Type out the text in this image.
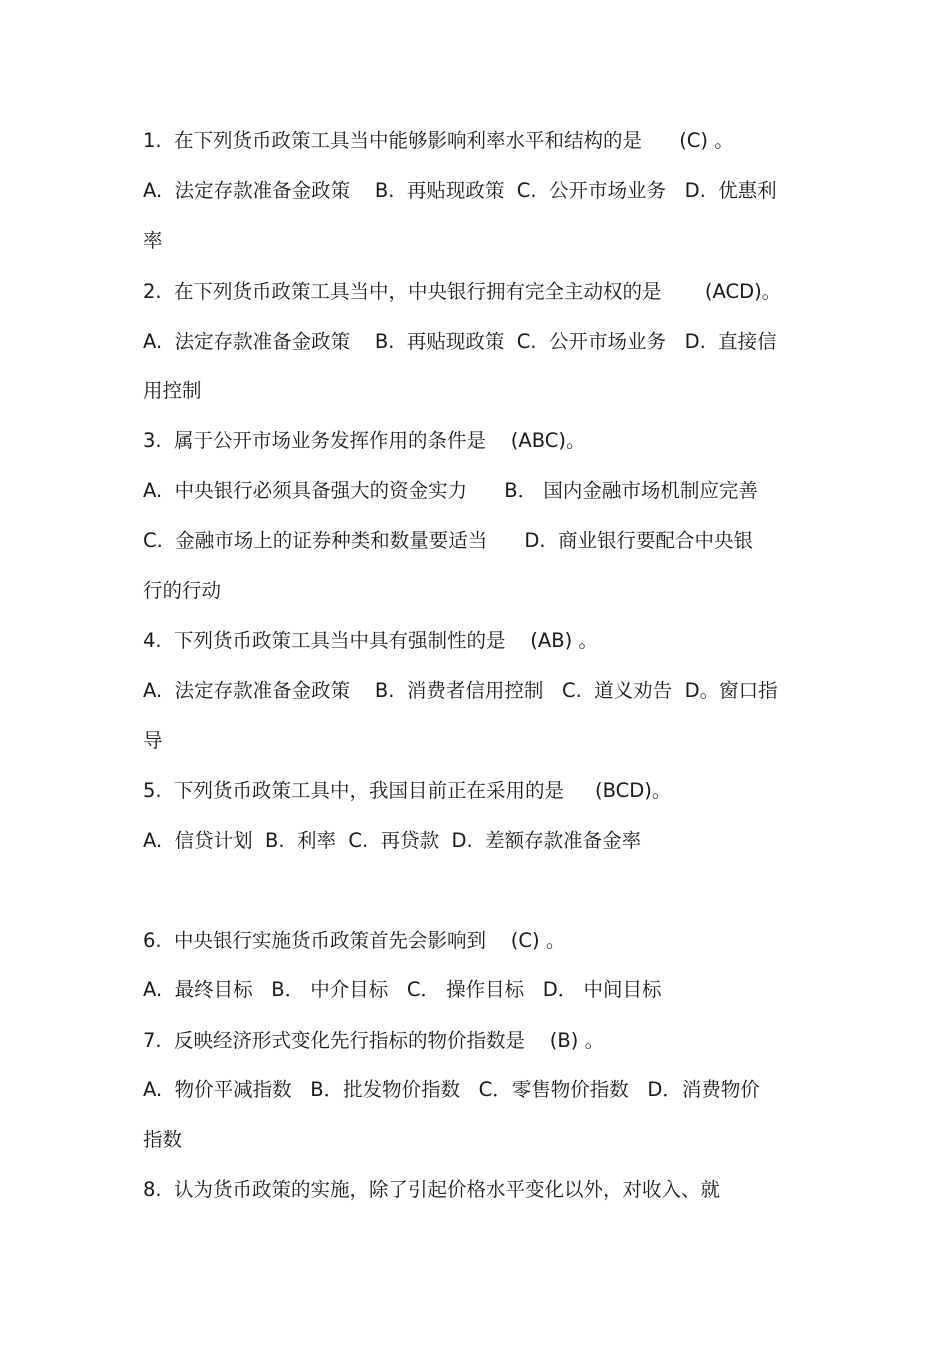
1.  在下列货币政策工具当中能够影响利率水平和结构的是      (C) 。
A.  法定存款准备金政策    B.  再贴现政策  C.  公开市场业务   D.  优惠利
率
2.  在下列货币政策工具当中，中央银行拥有完全主动权的是       (ACD)。
A.  法定存款准备金政策    B.  再贴现政策  C.  公开市场业务   D.  直接信
用控制
3.  属于公开市场业务发挥作用的条件是    (ABC)。
A.  中央银行必须具备强大的资金实力      B． 国内金融市场机制应完善
C.  金融市场上的证券种类和数量要适当      D.  商业银行要配合中央银
行的行动
4.  下列货币政策工具当中具有强制性的是    (AB) 。
A.  法定存款准备金政策    B.  消费者信用控制   C.  道义劝告  D。窗口指
导
5.  下列货币政策工具中，我国目前正在采用的是     (BCD)。
A.  信贷计划  B.  利率  C.  再贷款  D.  差额存款准备金率
6.  中央银行实施货币政策首先会影响到    (C) 。
A.  最终目标   B． 中介目标   C． 操作目标   D． 中间目标
7.  反映经济形式变化先行指标的物价指数是    (B) 。
A.  物价平减指数   B．批发物价指数   C．零售物价指数   D．消费物价
指数
8.  认为货币政策的实施，除了引起价格水平变化以外，对收入、就
